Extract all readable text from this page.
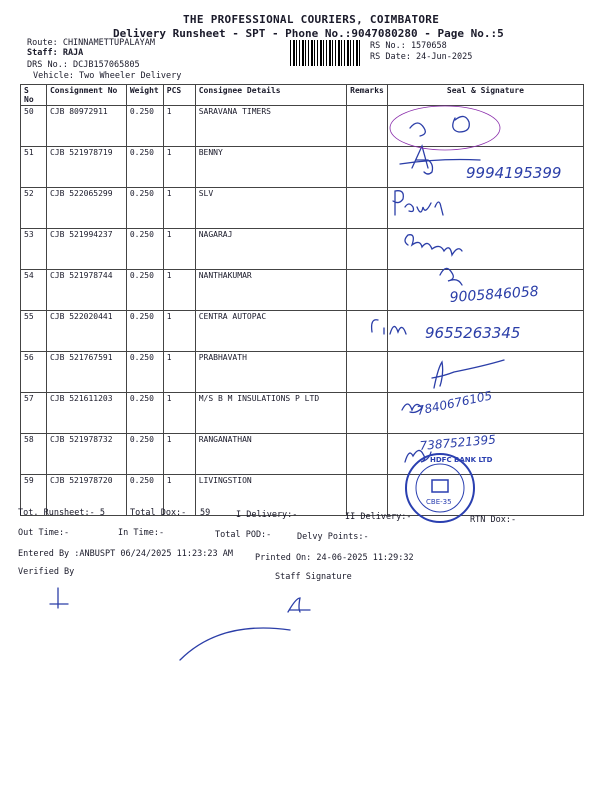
THE PROFESSIONAL COURIERS, COIMBATORE
Delivery Runsheet - SPT - Phone No.:9047080280 - Page No.:5
Route: CHINNAMETTUPALAYAM
Staff: RAJA
DRS No.: DCJB157065805
Vehicle: Two Wheeler Delivery
RS No.: 1570658
RS Date: 24-Jun-2025
S No	Consignment No	Weight	PCS	Consignee Details	Remarks	Seal & Signature
50	CJB 80972911	0.250	1	SARAVANA TIMERS		
51	CJB 521978719	0.250	1	BENNY		
52	CJB 522065299	0.250	1	SLV		
53	CJB 521994237	0.250	1	NAGARAJ		
54	CJB 521978744	0.250	1	NANTHAKUMAR		
55	CJB 522020441	0.250	1	CENTRA AUTOPAC		
56	CJB 521767591	0.250	1	PRABHAVATH		
57	CJB 521611203	0.250	1	M/S B M INSULATIONS P LTD		
58	CJB 521978732	0.250	1	RANGANATHAN		
59	CJB 521978720	0.250	1	LIVINGSTION		
9994195399
9005846058
9655263345
7840676105
7387521395
CBE-35
HDFC BANK LTD
Tot. Runsheet:- 5	Total Dox:- 59	I Delivery:-	II Delivery:-	RTN Dox:-
Out Time:-	In Time:-	Total POD:-	Delvy Points:-
Entered By :ANBUSPT 06/24/2025 11:23:23 AM	Printed On: 24-06-2025 11:29:32
Verified By	Staff Signature
